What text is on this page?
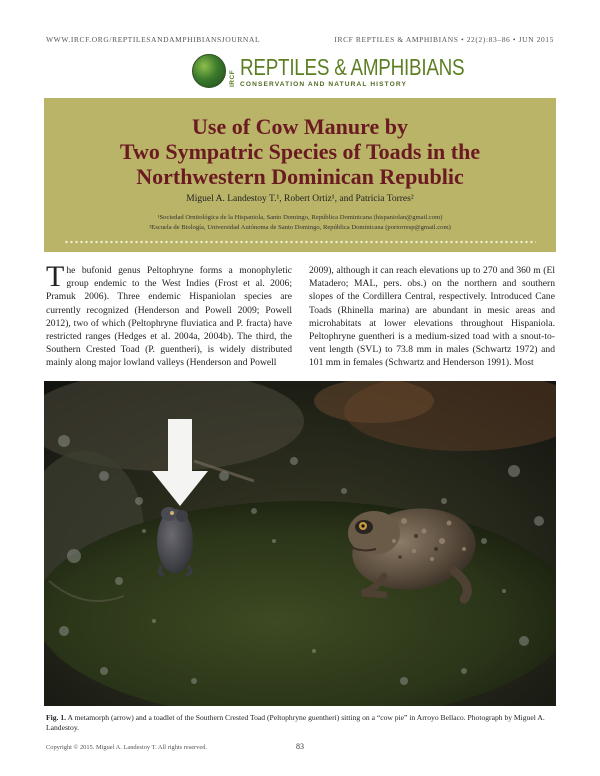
WWW.IRCF.ORG/REPTILESANDAMPHIBIANSJOURNAL	IRCF REPTILES & AMPHIBIANS • 22(2):83–86 • JUN 2015
IRCF REPTILES & AMPHIBIANS
CONSERVATION AND NATURAL HISTORY
Use of Cow Manure by
Two Sympatric Species of Toads in the
Northwestern Dominican Republic
Miguel A. Landestoy T.¹, Robert Ortiz¹, and Patricia Torres²
¹Sociedad Ornitológica de la Hispaniola, Santo Domingo, República Dominicana (hispaniolan@gmail.com)
²Escuela de Biología, Universidad Autónoma de Santo Domingo, República Dominicana (portorresp@gmail.com)
The bufonid genus Peltophryne forms a monophyletic group endemic to the West Indies (Frost et al. 2006; Pramuk 2006). Three endemic Hispaniolan species are currently recognized (Henderson and Powell 2009; Powell 2012), two of which (Peltophryne fluviatica and P. fracta) have restricted ranges (Hedges et al. 2004a, 2004b). The third, the Southern Crested Toad (P. guentheri), is widely distributed mainly along major lowland valleys (Henderson and Powell
2009), although it can reach elevations up to 270 and 360 m (El Matadero; MAL, pers. obs.) on the northern and southern slopes of the Cordillera Central, respectively. Introduced Cane Toads (Rhinella marina) are abundant in mesic areas and microhabitats at lower elevations throughout Hispaniola. Peltophryne guentheri is a medium-sized toad with a snout-to-vent length (SVL) to 73.8 mm in males (Schwartz 1972) and 101 mm in females (Schwartz and Henderson 1991). Most
Fig. 1. A metamorph (arrow) and a toadlet of the Southern Crested Toad (Peltophryne guentheri) sitting on a “cow pie” in Arroyo Bellaco. Photograph by Miguel A. Landestoy.
Copyright © 2015. Miguel A. Landestoy T. All rights reserved.	83
